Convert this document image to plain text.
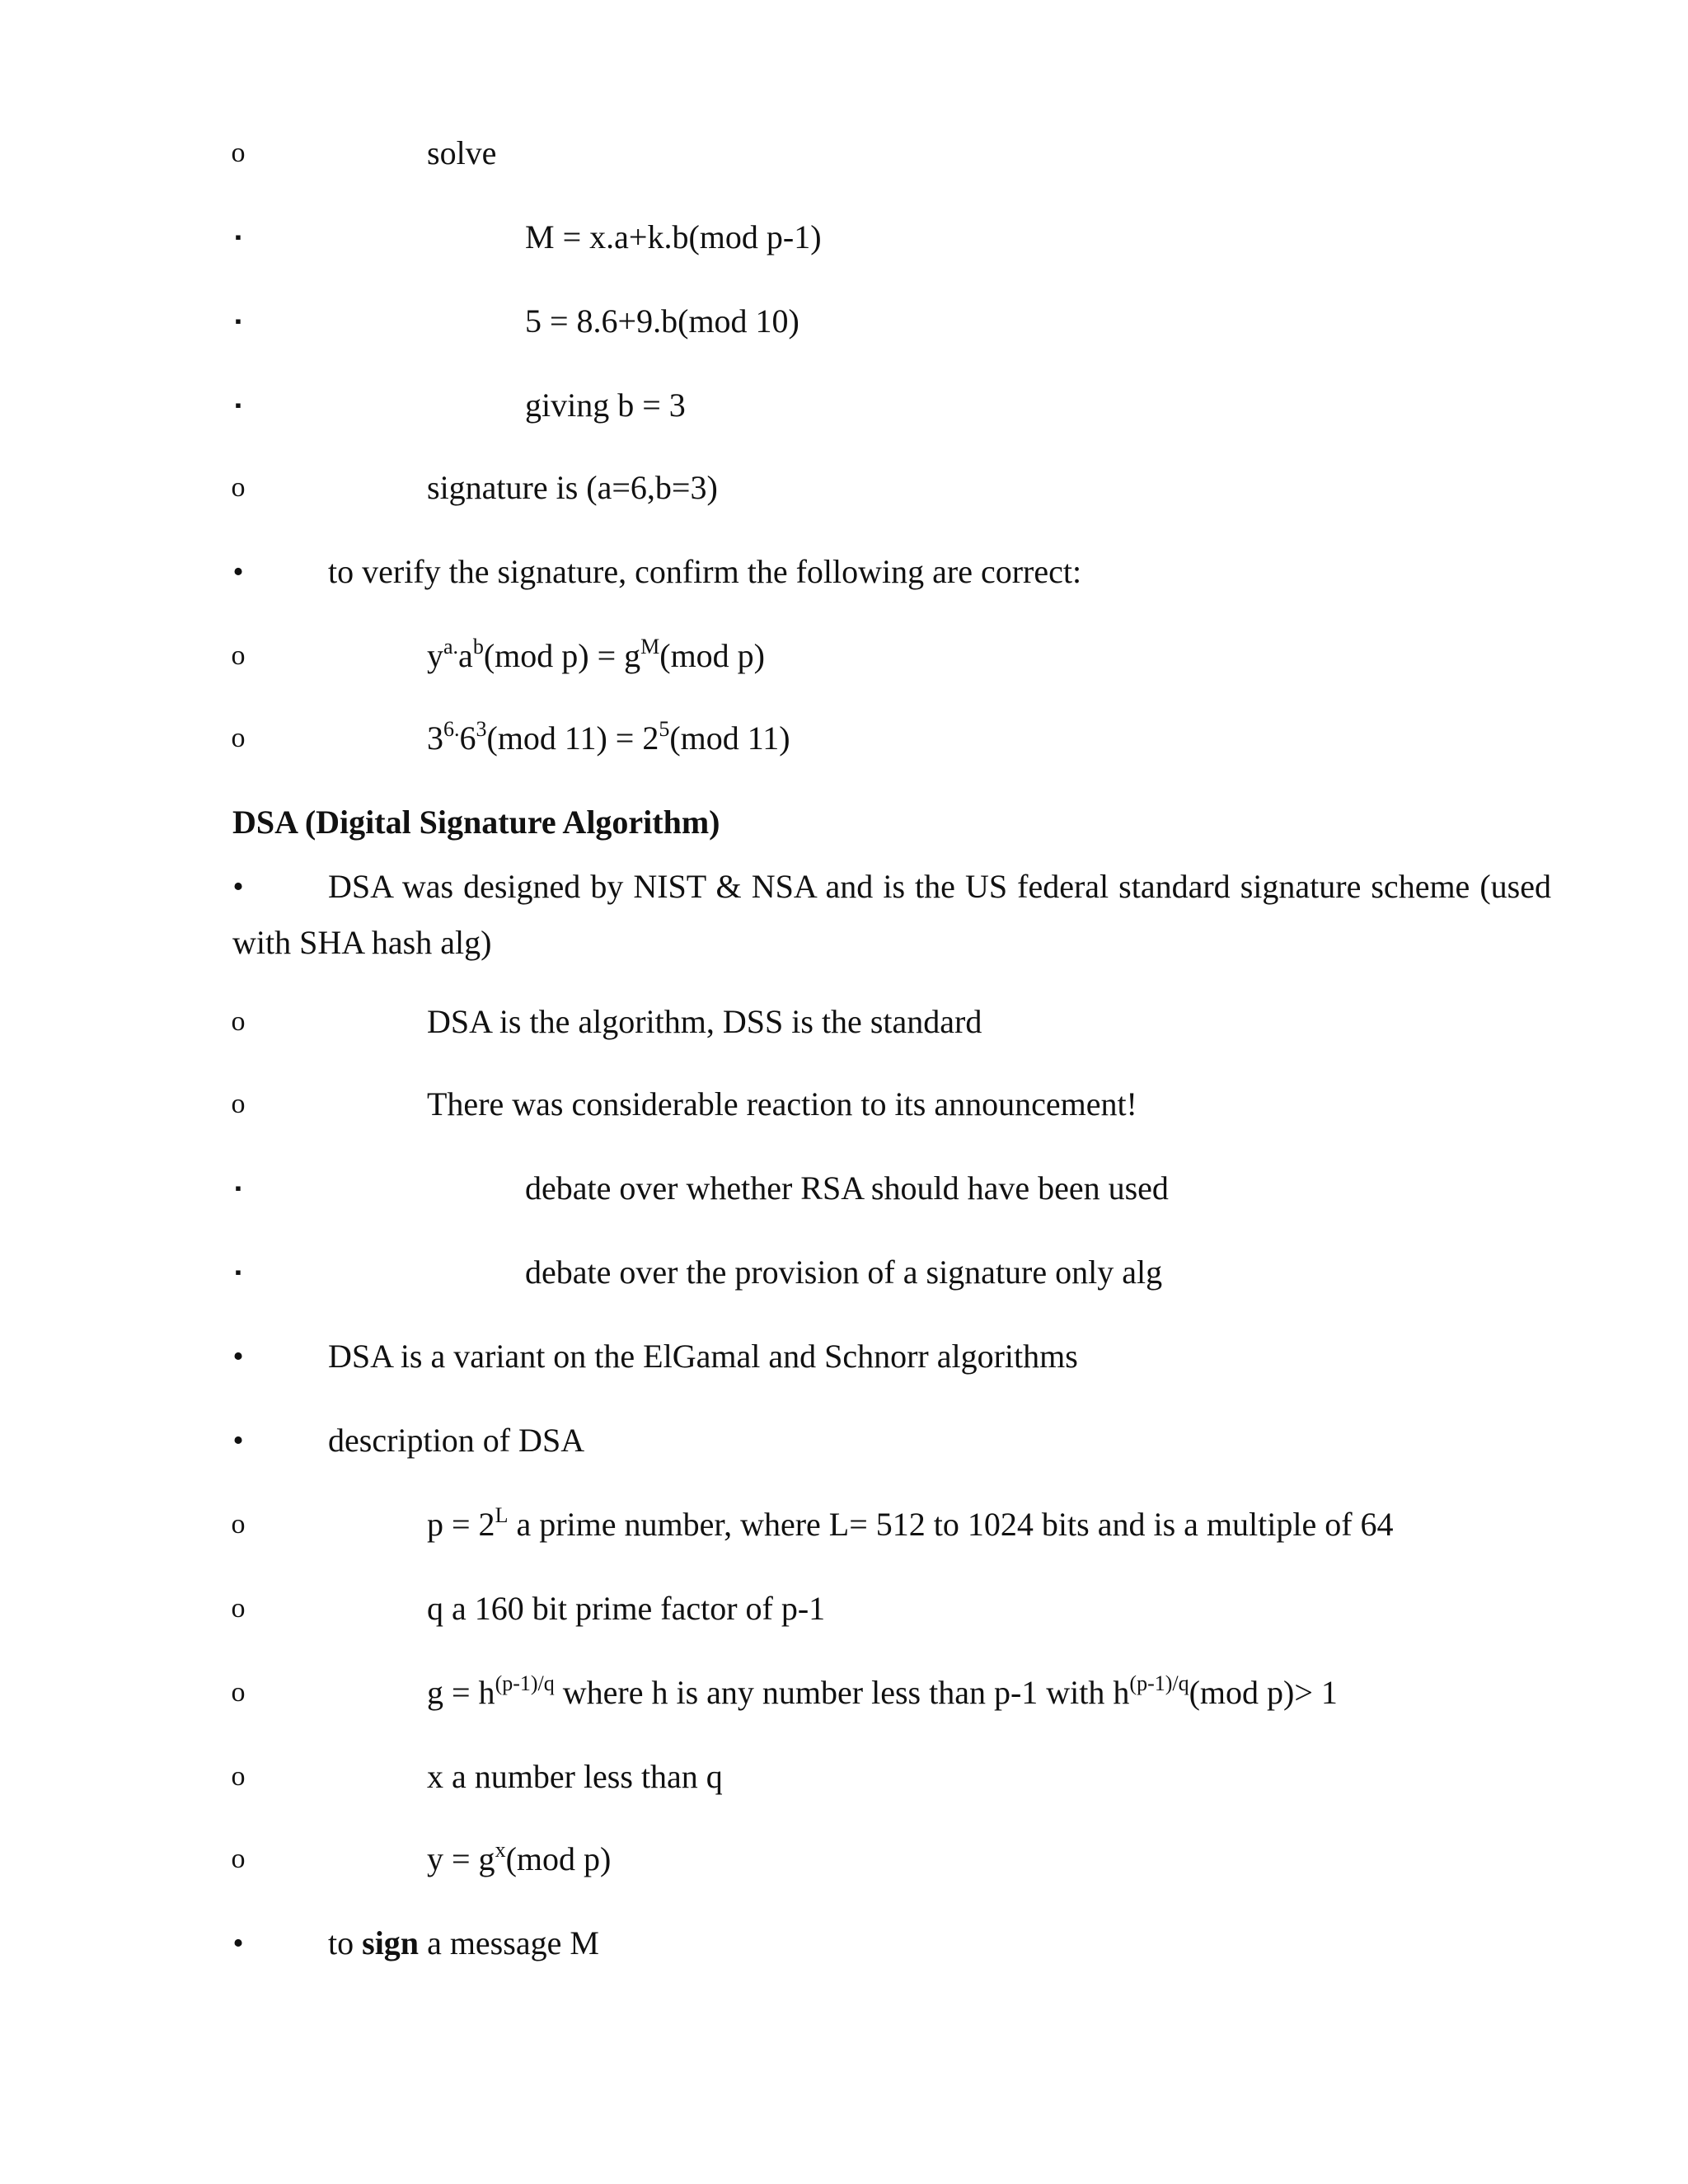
o	solve
▪	M = x.a+k.b(mod p-1)
▪	5 = 8.6+9.b(mod 10)
▪	giving b = 3
o	signature is (a=6,b=3)
•	to verify the signature, confirm the following are correct:
o	$y^{a.}a^b(mod$ $p) = g^M(mod$ p)
o	$3^{6.}6^3(mod$ $11) = 2^5(mod$ 11)
DSA (Digital Signature Algorithm)
•	DSA was designed by NIST & NSA and is the US federal standard signature scheme (used
with SHA hash alg)
o	DSA is the algorithm, DSS is the standard
o	There was considerable reaction to its announcement!
▪	debate over whether RSA should have been used
▪	debate over the provision of a signature only alg
•	DSA is a variant on the ElGamal and Schnorr algorithms
•	description of DSA
o	$p = 2^L$ a prime number, where L= 512 to 1024 bits and is a multiple of 64
o	q a 160 bit prime factor of p-1
o	$g = h^{(p-1)/q}$ where h is any number less than p-1 with $h^{(p-1)/q}(mod$ p)> 1
o	x a number less than q
o	$y = g^x(mod$ p)
•	to sign a message M
